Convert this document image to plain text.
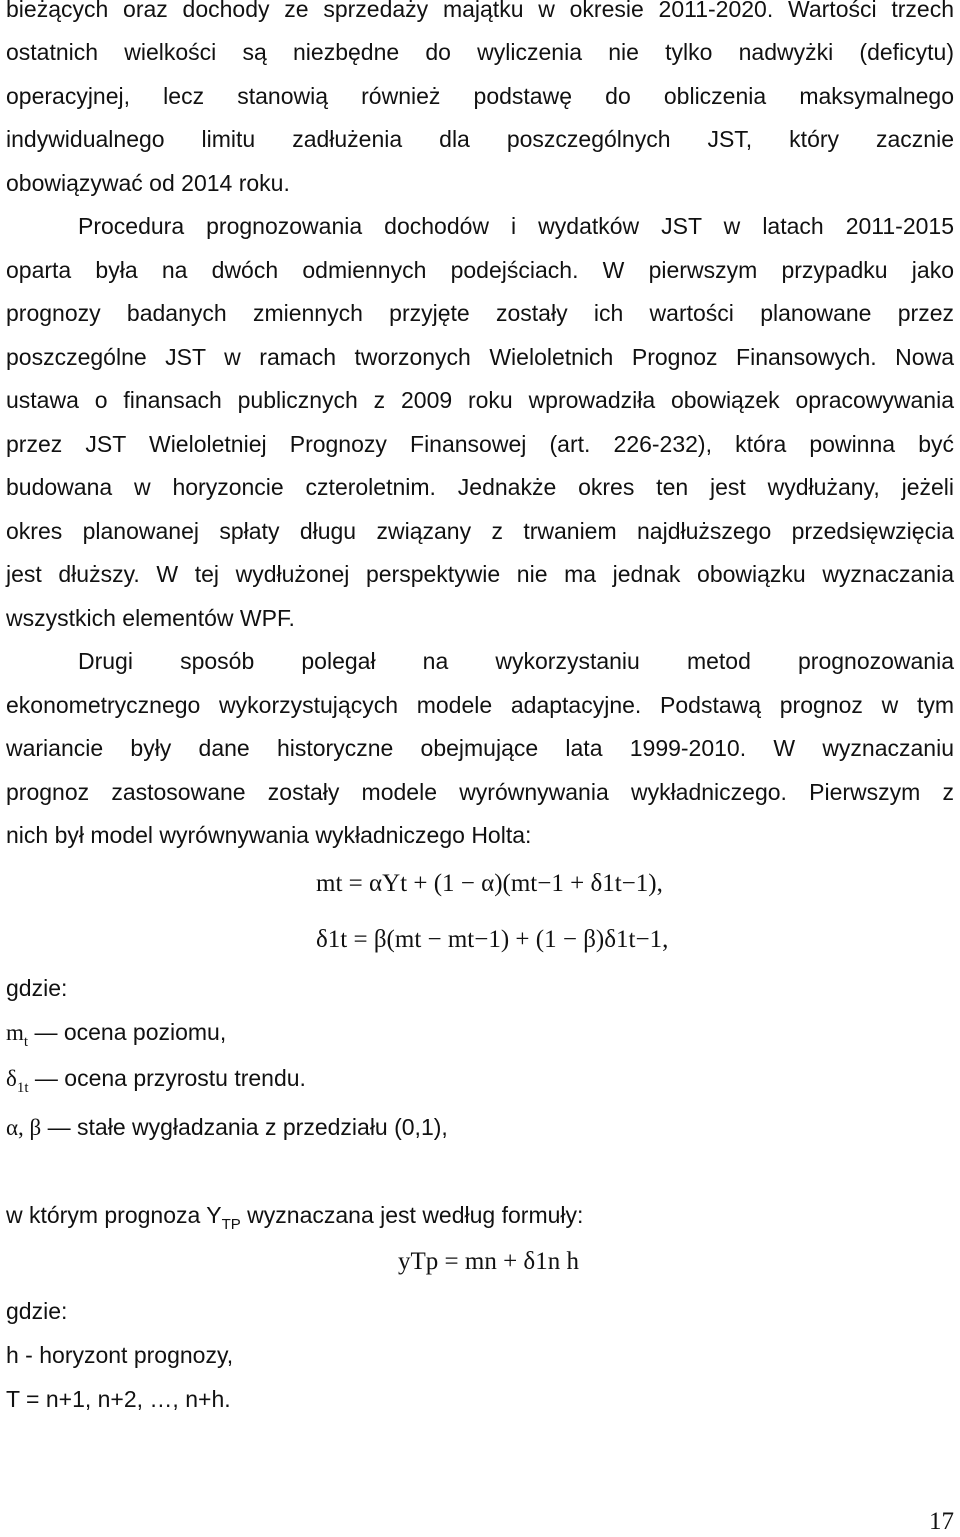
bieżących oraz dochody ze sprzedaży majątku w okresie 2011-2020. Wartości trzech
ostatnich wielkości są niezbędne do wyliczenia nie tylko nadwyżki (deficytu)
operacyjnej, lecz stanowią również podstawę do obliczenia maksymalnego
indywidualnego limitu zadłużenia dla poszczególnych JST, który zacznie
obowiązywać od 2014 roku.
Procedura prognozowania dochodów i wydatków JST w latach 2011-2015
oparta była na dwóch odmiennych podejściach. W pierwszym przypadku jako
prognozy badanych zmiennych przyjęte zostały ich wartości planowane przez
poszczególne JST w ramach tworzonych Wieloletnich Prognoz Finansowych. Nowa
ustawa o finansach publicznych z 2009 roku wprowadziła obowiązek opracowywania
przez JST Wieloletniej Prognozy Finansowej (art. 226-232), która powinna być
budowana w horyzoncie czteroletnim. Jednakże okres ten jest wydłużany, jeżeli
okres planowanej spłaty długu związany z trwaniem najdłuższego przedsięwzięcia
jest dłuższy. W tej wydłużonej perspektywie nie ma jednak obowiązku wyznaczania
wszystkich elementów WPF.
Drugi sposób polegał na wykorzystaniu metod prognozowania
ekonometrycznego wykorzystujących modele adaptacyjne. Podstawą prognoz w tym
wariancie były dane historyczne obejmujące lata 1999-2010. W wyznaczaniu
prognoz zastosowane zostały modele wyrównywania wykładniczego. Pierwszym z
nich był model wyrównywania wykładniczego Holta:
mt = αYt + (1 − α)(mt−1 + δ1t−1),
δ1t = β(mt − mt−1) + (1 − β)δ1t−1,
gdzie:
$m_t$ — ocena poziomu,
$\delta_{1t}$ — ocena przyrostu trendu.
α, β — stałe wygładzania z przedziału (0,1),
w którym prognoza $Y_{TP}$ wyznaczana jest według formuły:
yTp = mn + δ1n h
gdzie:
h - horyzont prognozy,
T = n+1, n+2, …, n+h.
17
